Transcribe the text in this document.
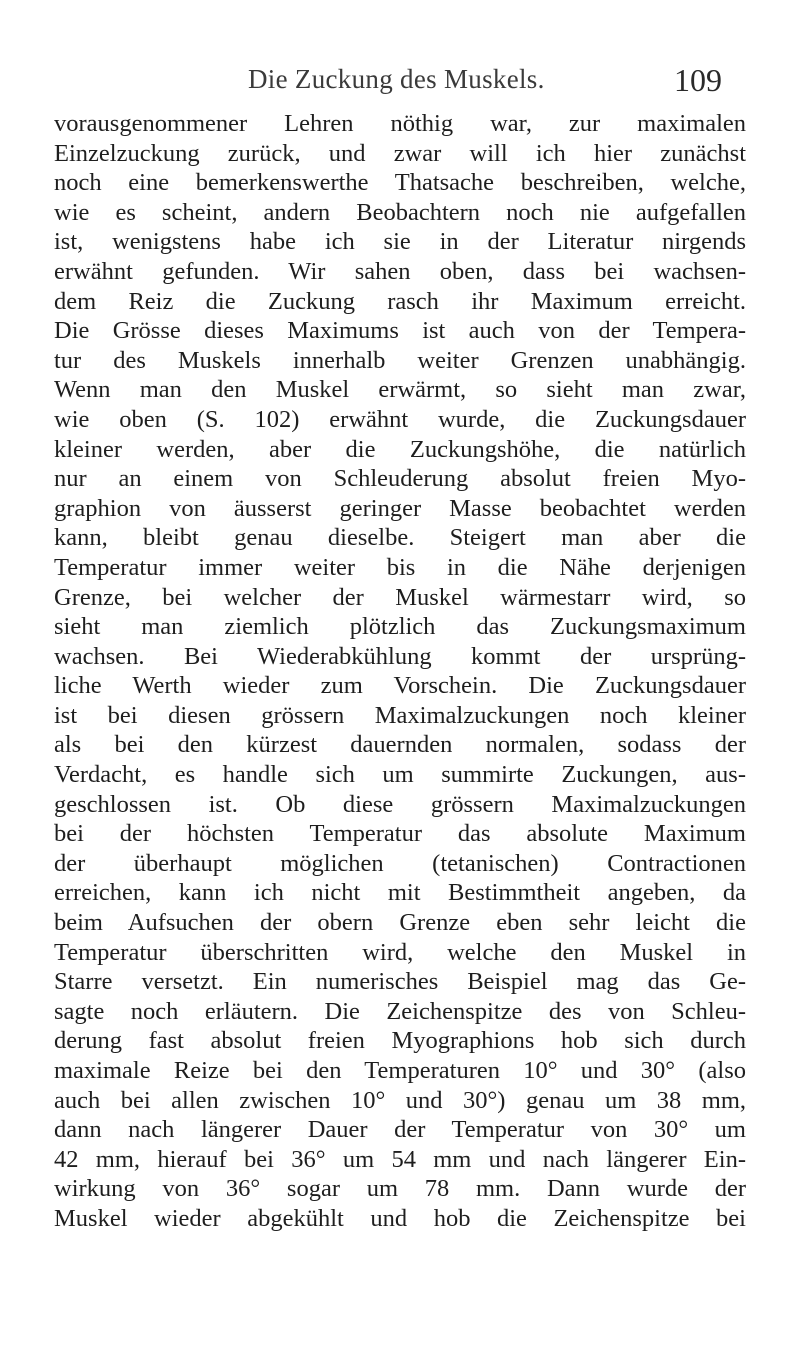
Die Zuckung des Muskels.	109
vorausgenommener Lehren nöthig war, zur maximalen
Einzelzuckung zurück, und zwar will ich hier zunächst
noch eine bemerkenswerthe Thatsache beschreiben, welche,
wie es scheint, andern Beobachtern noch nie aufgefallen
ist, wenigstens habe ich sie in der Literatur nirgends
erwähnt gefunden. Wir sahen oben, dass bei wachsen-
dem Reiz die Zuckung rasch ihr Maximum erreicht.
Die Grösse dieses Maximums ist auch von der Tempera-
tur des Muskels innerhalb weiter Grenzen unabhängig.
Wenn man den Muskel erwärmt, so sieht man zwar,
wie oben (S. 102) erwähnt wurde, die Zuckungsdauer
kleiner werden, aber die Zuckungshöhe, die natürlich
nur an einem von Schleuderung absolut freien Myo-
graphion von äusserst geringer Masse beobachtet werden
kann, bleibt genau dieselbe. Steigert man aber die
Temperatur immer weiter bis in die Nähe derjenigen
Grenze, bei welcher der Muskel wärmestarr wird, so
sieht man ziemlich plötzlich das Zuckungsmaximum
wachsen. Bei Wiederabkühlung kommt der ursprüng-
liche Werth wieder zum Vorschein. Die Zuckungsdauer
ist bei diesen grössern Maximalzuckungen noch kleiner
als bei den kürzest dauernden normalen, sodass der
Verdacht, es handle sich um summirte Zuckungen, aus-
geschlossen ist. Ob diese grössern Maximalzuckungen
bei der höchsten Temperatur das absolute Maximum
der überhaupt möglichen (tetanischen) Contractionen
erreichen, kann ich nicht mit Bestimmtheit angeben, da
beim Aufsuchen der obern Grenze eben sehr leicht die
Temperatur überschritten wird, welche den Muskel in
Starre versetzt. Ein numerisches Beispiel mag das Ge-
sagte noch erläutern. Die Zeichenspitze des von Schleu-
derung fast absolut freien Myographions hob sich durch
maximale Reize bei den Temperaturen 10° und 30° (also
auch bei allen zwischen 10° und 30°) genau um 38 mm,
dann nach längerer Dauer der Temperatur von 30° um
42 mm, hierauf bei 36° um 54 mm und nach längerer Ein-
wirkung von 36° sogar um 78 mm. Dann wurde der
Muskel wieder abgekühlt und hob die Zeichenspitze bei
